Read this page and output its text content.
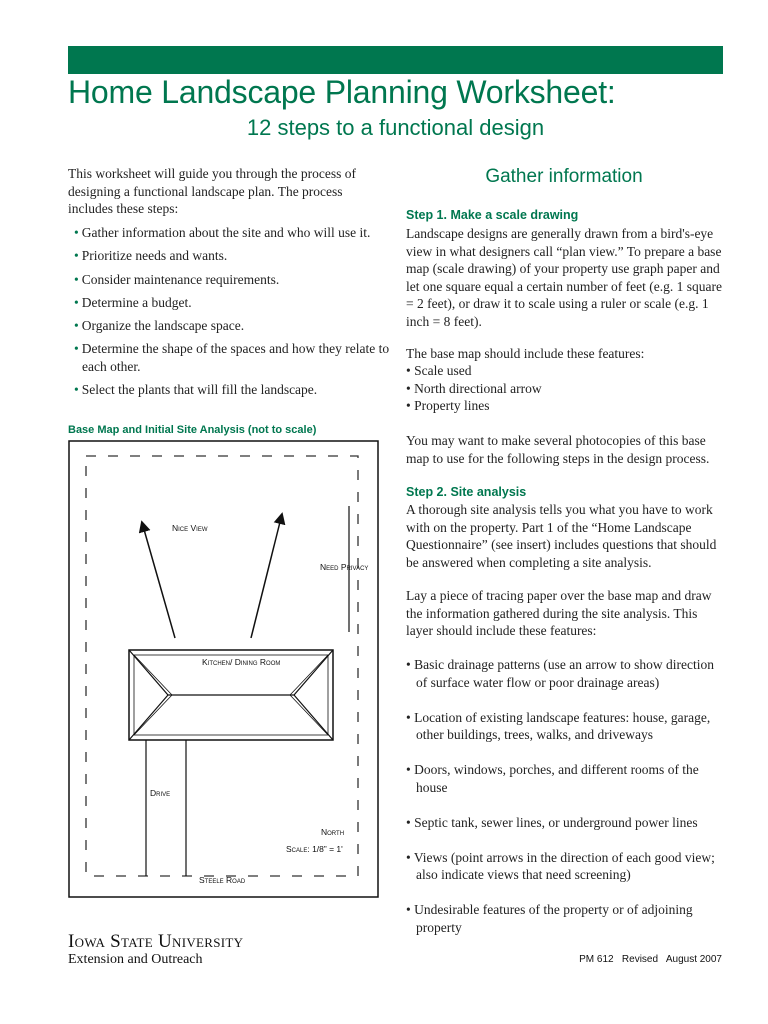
Home Landscape Planning Worksheet:
12 steps to a functional design

This worksheet will guide you through the process of designing a functional landscape plan. The process includes these steps:

• Gather information about the site and who will use it.
• Prioritize needs and wants.
• Consider maintenance requirements.
• Determine a budget.
• Organize the landscape space.
• Determine the shape of the spaces and how they relate to each other.
• Select the plants that will fill the landscape.
Base Map and Initial Site Analysis (not to scale)
Nice View
Need Privacy
Kitchen/ Dining Room
Drive
North
Scale: 1/8” = 1'
Steele Road
Gather information
Step 1. Make a scale drawing

Landscape designs are generally drawn from a bird's-eye view in what designers call “plan view.” To prepare a base map (scale drawing) of your property use graph paper and let one square equal a certain number of feet (e.g. 1 square = 2 feet), or draw it to scale using a ruler or scale (e.g. 1 inch = 8 feet).

The base map should include these features:

• Scale used
• North directional arrow
• Property lines

You may want to make several photocopies of this base map to use for the following steps in the design process.

Step 2. Site analysis

A thorough site analysis tells you what you have to work with on the property. Part 1 of the “Home Landscape Questionnaire” (see insert) includes questions that should be answered when completing a site analysis.

Lay a piece of tracing paper over the base map and draw the information gathered during the site analysis. This layer should include these features:

• Basic drainage patterns (use an arrow to show direction of surface water flow or poor drainage areas)
• Location of existing landscape features: house, garage, other buildings, trees, walks, and driveways
• Doors, windows, porches, and different rooms of the house
• Septic tank, sewer lines, or underground power lines
• Views (point arrows in the direction of each good view; also indicate views that need screening)
• Undesirable features of the property or of adjoining property
Iowa State University
Extension and Outreach	PM 612   Revised   August 2007
